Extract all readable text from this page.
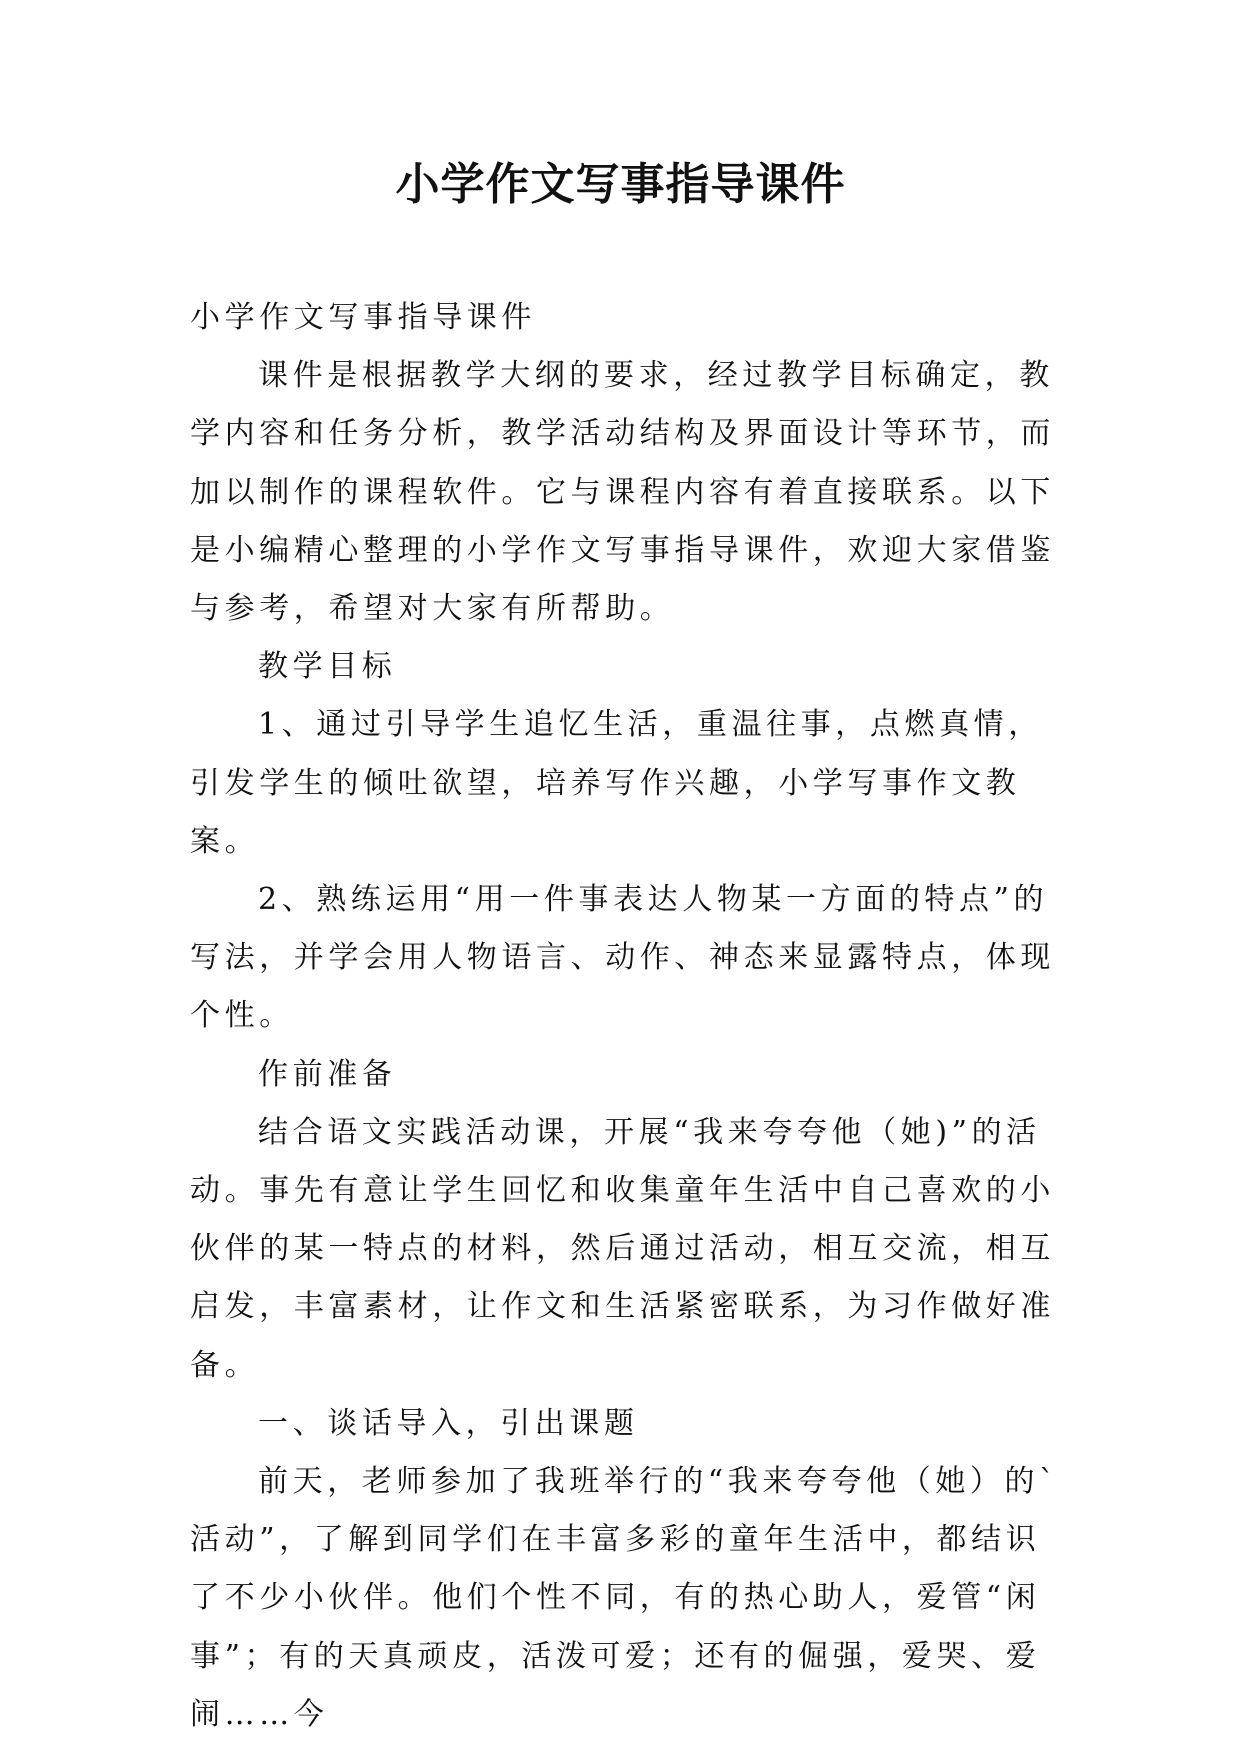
小学作文写事指导课件

小学作文写事指导课件

课件是根据教学大纲的要求，经过教学目标确定，教学内容和任务分析，教学活动结构及界面设计等环节，而加以制作的课程软件。它与课程内容有着直接联系。以下是小编精心整理的小学作文写事指导课件，欢迎大家借鉴与参考，希望对大家有所帮助。

教学目标

1、通过引导学生追忆生活，重温往事，点燃真情，引发学生的倾吐欲望，培养写作兴趣，小学写事作文教案。

2、熟练运用“用一件事表达人物某一方面的特点”的写法，并学会用人物语言、动作、神态来显露特点，体现个性。

作前准备

结合语文实践活动课，开展“我来夸夸他（她)”的活动。事先有意让学生回忆和收集童年生活中自己喜欢的小伙伴的某一特点的材料，然后通过活动，相互交流，相互启发，丰富素材，让作文和生活紧密联系，为习作做好准备。

一、谈话导入，引出课题

前天，老师参加了我班举行的“我来夸夸他（她）的`活动”，了解到同学们在丰富多彩的童年生活中，都结识了不少小伙伴。他们个性不同，有的热心助人，爱管“闲事”；有的天真顽皮，活泼可爱；还有的倔强，爱哭、爱闹……今
